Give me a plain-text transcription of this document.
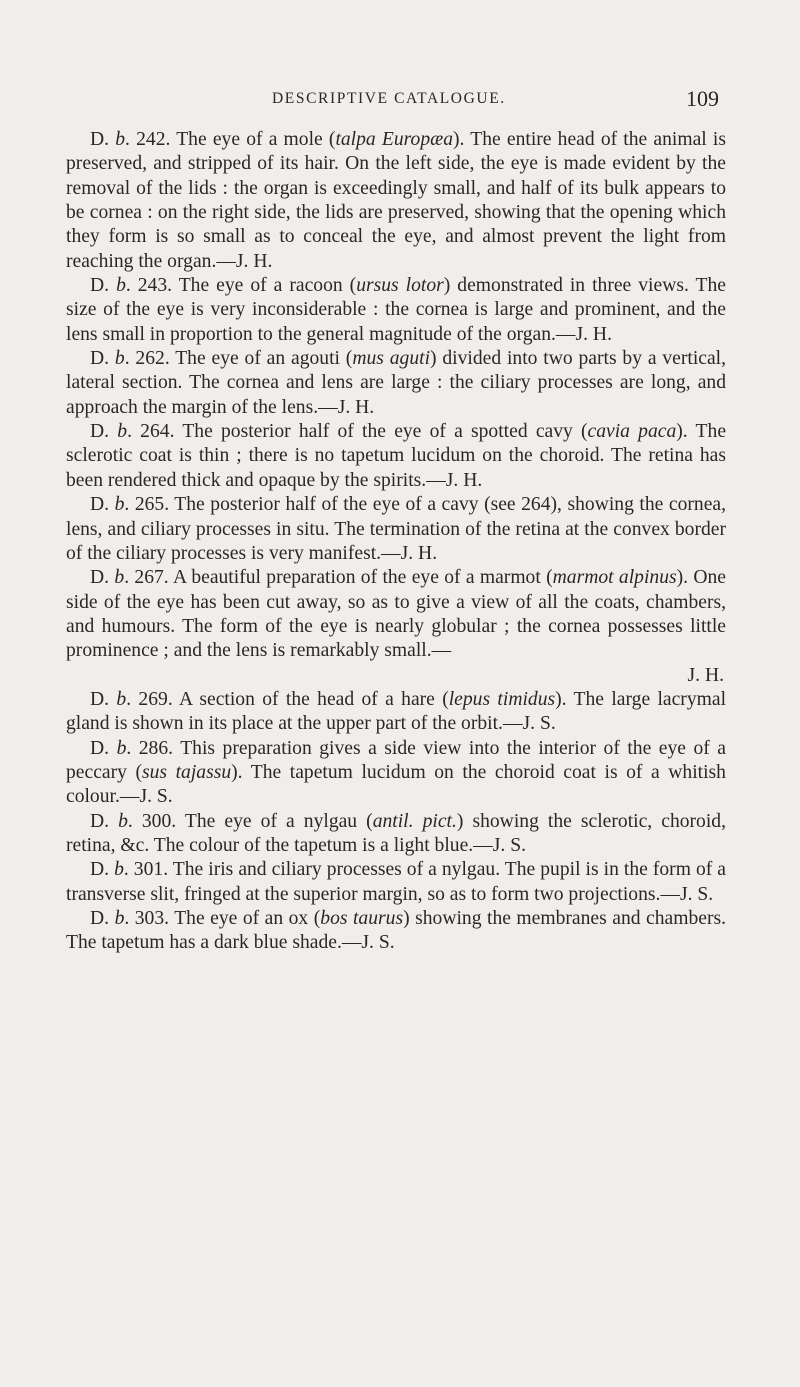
DESCRIPTIVE CATALOGUE.	109

D. b. 242. The eye of a mole (talpa Europæa). The entire head of the animal is preserved, and stripped of its hair. On the left side, the eye is made evident by the removal of the lids : the organ is exceedingly small, and half of its bulk appears to be cornea : on the right side, the lids are preserved, showing that the opening which they form is so small as to conceal the eye, and almost prevent the light from reaching the organ.—J. H.

D. b. 243. The eye of a racoon (ursus lotor) demonstrated in three views. The size of the eye is very inconsiderable : the cornea is large and prominent, and the lens small in proportion to the general magnitude of the organ.—J. H.

D. b. 262. The eye of an agouti (mus aguti) divided into two parts by a vertical, lateral section. The cornea and lens are large : the ciliary processes are long, and approach the margin of the lens.—J. H.

D. b. 264. The posterior half of the eye of a spotted cavy (cavia paca). The sclerotic coat is thin ; there is no tapetum lucidum on the choroid. The retina has been rendered thick and opaque by the spirits.—J. H.

D. b. 265. The posterior half of the eye of a cavy (see 264), showing the cornea, lens, and ciliary processes in situ. The termination of the retina at the convex border of the ciliary processes is very manifest.—J. H.

D. b. 267. A beautiful preparation of the eye of a marmot (marmot alpinus). One side of the eye has been cut away, so as to give a view of all the coats, chambers, and humours. The form of the eye is nearly globular ; the cornea possesses little prominence ; and the lens is remarkably small.—
J. H.

D. b. 269. A section of the head of a hare (lepus timidus). The large lacrymal gland is shown in its place at the upper part of the orbit.—J. S.

D. b. 286. This preparation gives a side view into the interior of the eye of a peccary (sus tajassu). The tapetum lucidum on the choroid coat is of a whitish colour.—J. S.

D. b. 300. The eye of a nylgau (antil. pict.) showing the sclerotic, choroid, retina, &c. The colour of the tapetum is a light blue.—J. S.

D. b. 301. The iris and ciliary processes of a nylgau. The pupil is in the form of a transverse slit, fringed at the superior margin, so as to form two projections.—J. S.

D. b. 303. The eye of an ox (bos taurus) showing the membranes and chambers. The tapetum has a dark blue shade.—J. S.
